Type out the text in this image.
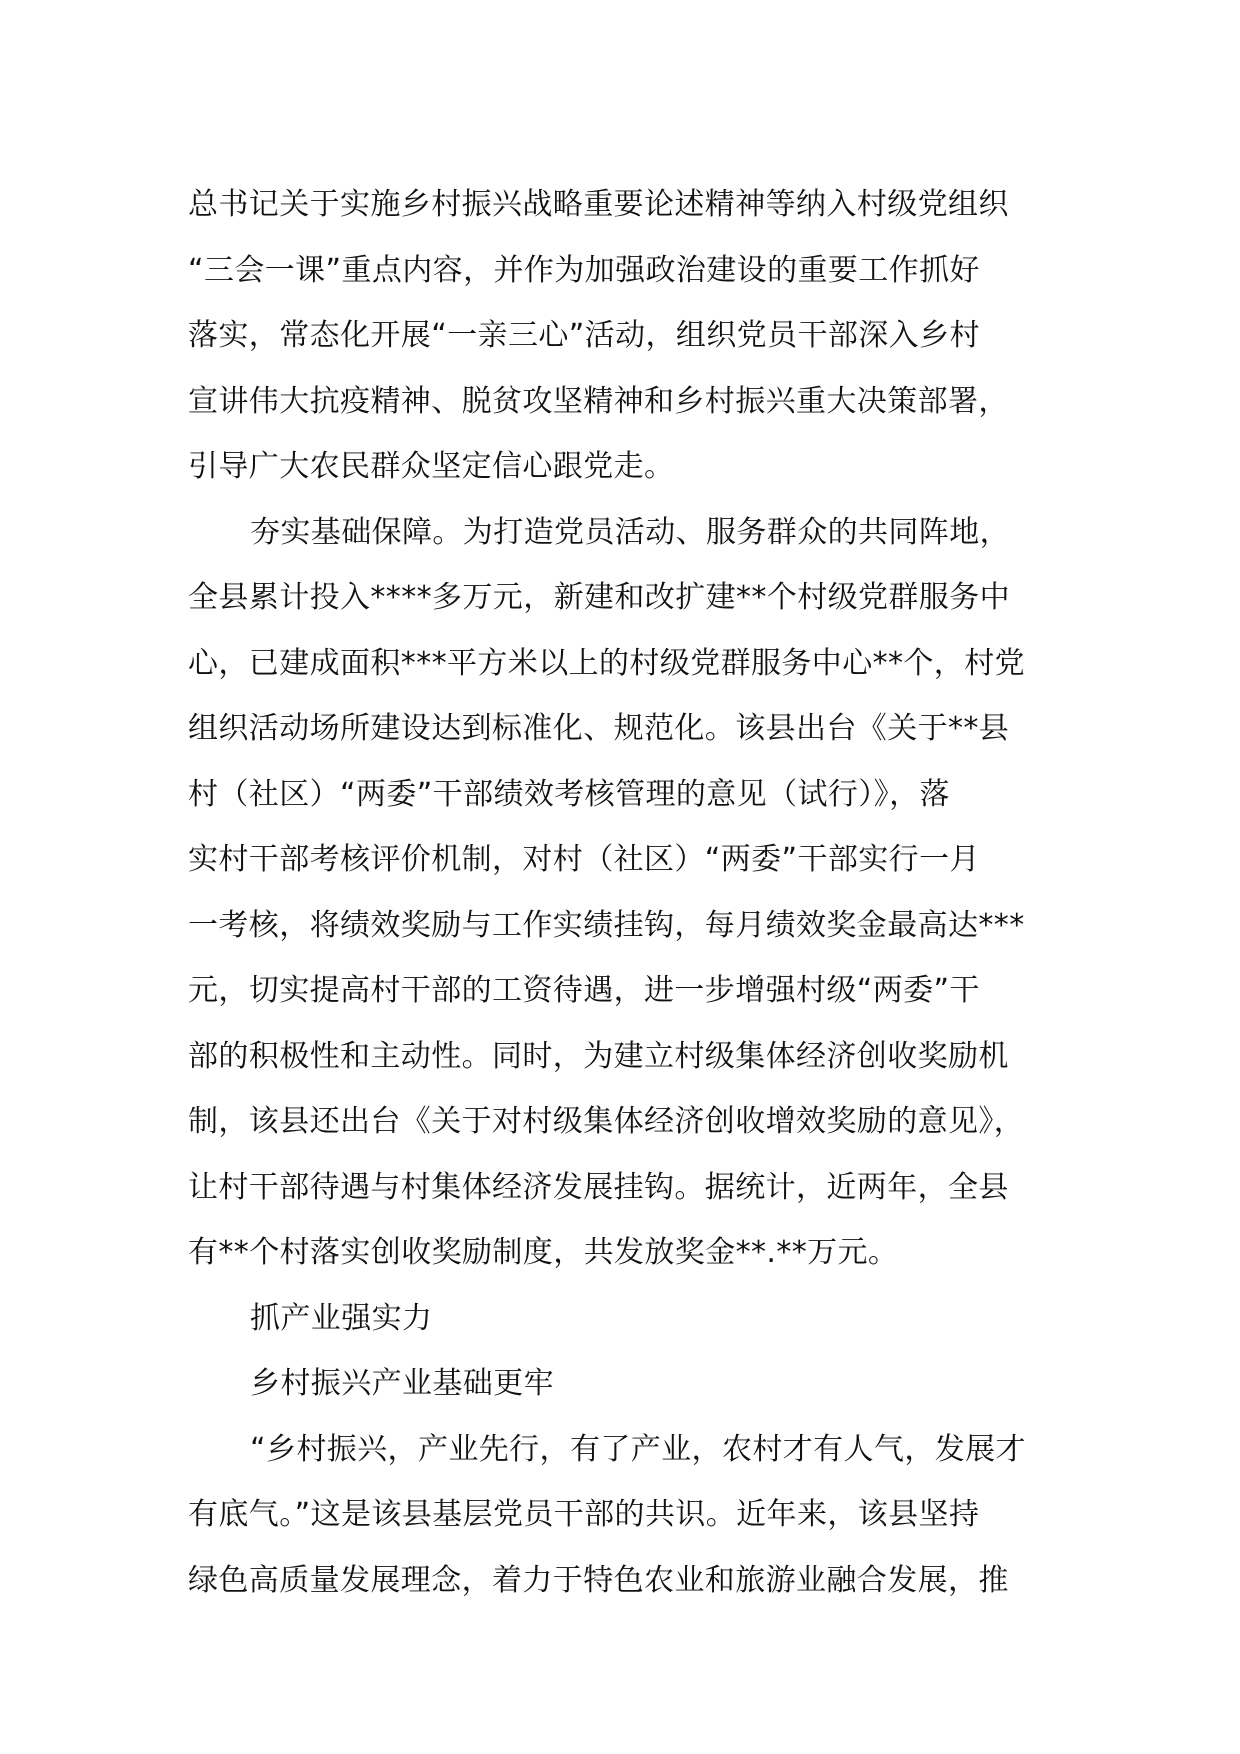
总书记关于实施乡村振兴战略重要论述精神等纳入村级党组织
“三会一课”重点内容，并作为加强政治建设的重要工作抓好
落实，常态化开展“一亲三心”活动，组织党员干部深入乡村
宣讲伟大抗疫精神、脱贫攻坚精神和乡村振兴重大决策部署，
引导广大农民群众坚定信心跟党走。
夯实基础保障。为打造党员活动、服务群众的共同阵地，
全县累计投入****多万元，新建和改扩建**个村级党群服务中
心，已建成面积***平方米以上的村级党群服务中心**个，村党
组织活动场所建设达到标准化、规范化。该县出台《关于**县
村（社区）“两委”干部绩效考核管理的意见（试行）》，落
实村干部考核评价机制，对村（社区）“两委”干部实行一月
一考核，将绩效奖励与工作实绩挂钩，每月绩效奖金最高达***
元，切实提高村干部的工资待遇，进一步增强村级“两委”干
部的积极性和主动性。同时，为建立村级集体经济创收奖励机
制，该县还出台《关于对村级集体经济创收增效奖励的意见》，
让村干部待遇与村集体经济发展挂钩。据统计，近两年，全县
有**个村落实创收奖励制度，共发放奖金**.**万元。
抓产业强实力
乡村振兴产业基础更牢
“乡村振兴，产业先行，有了产业，农村才有人气，发展才
有底气。”这是该县基层党员干部的共识。近年来，该县坚持
绿色高质量发展理念，着力于特色农业和旅游业融合发展，推
